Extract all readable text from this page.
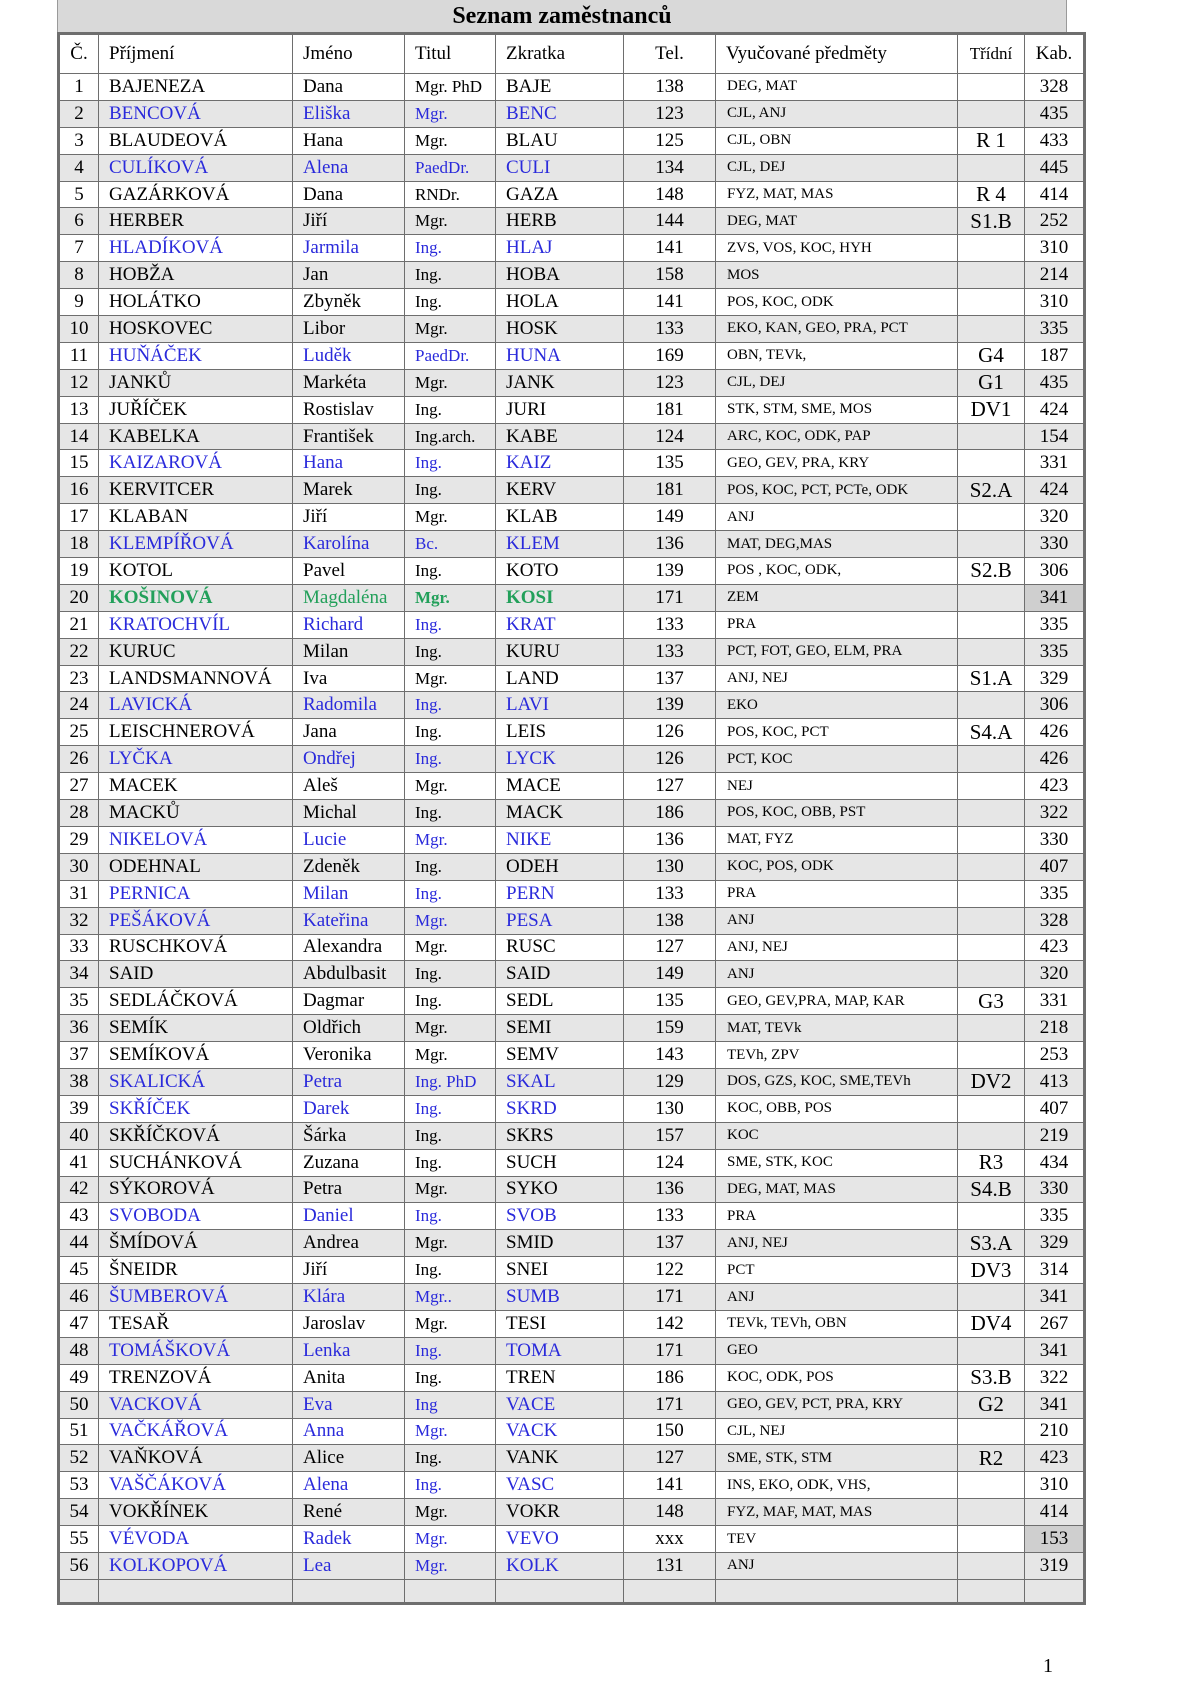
Seznam zaměstnanců
Č.	Příjmení	Jméno	Titul	Zkratka	Tel.	Vyučované předměty	Třídní	Kab.
1	BAJENEZA	Dana	Mgr. PhD	BAJE	138	DEG, MAT		328
2	BENCOVÁ	Eliška	Mgr.	BENC	123	CJL, ANJ		435
3	BLAUDEOVÁ	Hana	Mgr.	BLAU	125	CJL, OBN	R 1	433
4	CULÍKOVÁ	Alena	PaedDr.	CULI	134	CJL, DEJ		445
5	GAZÁRKOVÁ	Dana	RNDr.	GAZA	148	FYZ, MAT, MAS	R 4	414
6	HERBER	Jiří	Mgr.	HERB	144	DEG, MAT	S1.B	252
7	HLADÍKOVÁ	Jarmila	Ing.	HLAJ	141	ZVS, VOS, KOC, HYH		310
8	HOBŽA	Jan	Ing.	HOBA	158	MOS		214
9	HOLÁTKO	Zbyněk	Ing.	HOLA	141	POS, KOC, ODK		310
10	HOSKOVEC	Libor	Mgr.	HOSK	133	EKO, KAN, GEO, PRA, PCT		335
11	HUŇÁČEK	Luděk	PaedDr.	HUNA	169	OBN, TEVk,	G4	187
12	JANKŮ	Markéta	Mgr.	JANK	123	CJL, DEJ	G1	435
13	JUŘÍČEK	Rostislav	Ing.	JURI	181	STK, STM, SME, MOS	DV1	424
14	KABELKA	František	Ing.arch.	KABE	124	ARC, KOC, ODK, PAP		154
15	KAIZAROVÁ	Hana	Ing.	KAIZ	135	GEO, GEV, PRA, KRY		331
16	KERVITCER	Marek	Ing.	KERV	181	POS, KOC, PCT, PCTe, ODK	S2.A	424
17	KLABAN	Jiří	Mgr.	KLAB	149	ANJ		320
18	KLEMPÍŘOVÁ	Karolína	Bc.	KLEM	136	MAT, DEG,MAS		330
19	KOTOL	Pavel	Ing.	KOTO	139	POS , KOC, ODK,	S2.B	306
20	KOŠINOVÁ	Magdaléna	Mgr.	KOSI	171	ZEM		341
21	KRATOCHVÍL	Richard	Ing.	KRAT	133	PRA		335
22	KURUC	Milan	Ing.	KURU	133	PCT, FOT, GEO, ELM, PRA		335
23	LANDSMANNOVÁ	Iva	Mgr.	LAND	137	ANJ, NEJ	S1.A	329
24	LAVICKÁ	Radomila	Ing.	LAVI	139	EKO		306
25	LEISCHNEROVÁ	Jana	Ing.	LEIS	126	POS, KOC, PCT	S4.A	426
26	LYČKA	Ondřej	Ing.	LYCK	126	PCT, KOC		426
27	MACEK	Aleš	Mgr.	MACE	127	NEJ		423
28	MACKŮ	Michal	Ing.	MACK	186	POS, KOC, OBB, PST		322
29	NIKELOVÁ	Lucie	Mgr.	NIKE	136	MAT, FYZ		330
30	ODEHNAL	Zdeněk	Ing.	ODEH	130	KOC, POS, ODK		407
31	PERNICA	Milan	Ing.	PERN	133	PRA		335
32	PEŠÁKOVÁ	Kateřina	Mgr.	PESA	138	ANJ		328
33	RUSCHKOVÁ	Alexandra	Mgr.	RUSC	127	ANJ, NEJ		423
34	SAID	Abdulbasit	Ing.	SAID	149	ANJ		320
35	SEDLÁČKOVÁ	Dagmar	Ing.	SEDL	135	GEO, GEV,PRA, MAP, KAR	G3	331
36	SEMÍK	Oldřich	Mgr.	SEMI	159	MAT, TEVk		218
37	SEMÍKOVÁ	Veronika	Mgr.	SEMV	143	TEVh, ZPV		253
38	SKALICKÁ	Petra	Ing. PhD	SKAL	129	DOS, GZS, KOC, SME,TEVh	DV2	413
39	SKŘÍČEK	Darek	Ing.	SKRD	130	KOC, OBB, POS		407
40	SKŘÍČKOVÁ	Šárka	Ing.	SKRS	157	KOC		219
41	SUCHÁNKOVÁ	Zuzana	Ing.	SUCH	124	SME, STK, KOC	R3	434
42	SÝKOROVÁ	Petra	Mgr.	SYKO	136	DEG, MAT, MAS	S4.B	330
43	SVOBODA	Daniel	Ing.	SVOB	133	PRA		335
44	ŠMÍDOVÁ	Andrea	Mgr.	SMID	137	ANJ, NEJ	S3.A	329
45	ŠNEIDR	Jiří	Ing.	SNEI	122	PCT	DV3	314
46	ŠUMBEROVÁ	Klára	Mgr..	SUMB	171	ANJ		341
47	TESAŘ	Jaroslav	Mgr.	TESI	142	TEVk, TEVh, OBN	DV4	267
48	TOMÁŠKOVÁ	Lenka	Ing.	TOMA	171	GEO		341
49	TRENZOVÁ	Anita	Ing.	TREN	186	KOC, ODK, POS	S3.B	322
50	VACKOVÁ	Eva	Ing	VACE	171	GEO, GEV, PCT, PRA, KRY	G2	341
51	VAČKÁŘOVÁ	Anna	Mgr.	VACK	150	CJL, NEJ		210
52	VAŇKOVÁ	Alice	Ing.	VANK	127	SME, STK, STM	R2	423
53	VAŠČÁKOVÁ	Alena	Ing.	VASC	141	INS, EKO, ODK, VHS,		310
54	VOKŘÍNEK	René	Mgr.	VOKR	148	FYZ, MAF, MAT, MAS		414
55	VÉVODA	Radek	Mgr.	VEVO	xxx	TEV		153
56	KOLKOPOVÁ	Lea	Mgr.	KOLK	131	ANJ		319

1
